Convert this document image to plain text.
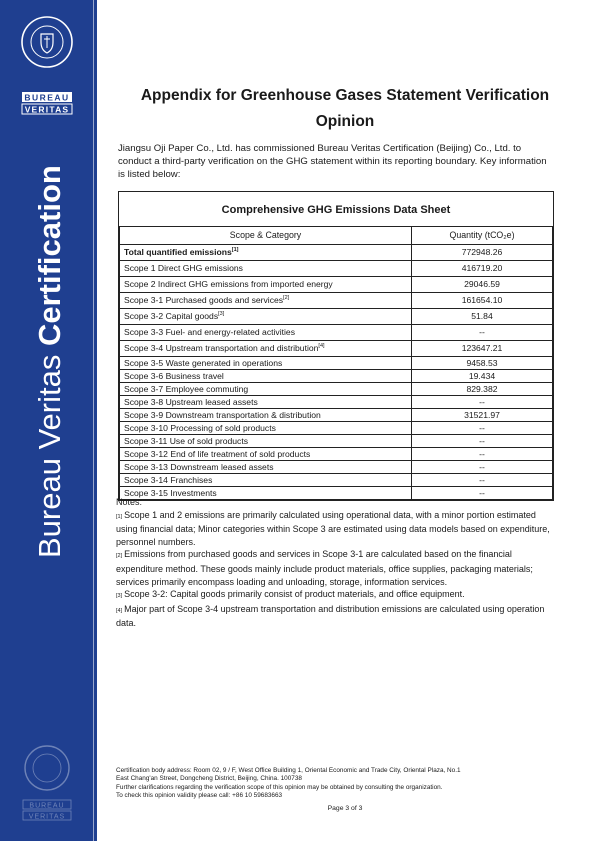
BUREAU
VERITAS
Bureau Veritas Certification
BUREAU
VERITAS
Appendix for Greenhouse Gases Statement Verification
Opinion
Jiangsu Oji Paper Co., Ltd. has commissioned Bureau Veritas Certification (Beijing) Co., Ltd. to conduct a third-party verification on the GHG statement within its reporting boundary. Key information is listed below:
Comprehensive GHG Emissions Data Sheet
Scope & Category	Quantity (tCO₂e)
Total quantified emissions[1]	772948.26
Scope 1 Direct GHG emissions	416719.20
Scope 2 Indirect GHG emissions from imported energy	29046.59
Scope 3-1 Purchased goods and services[2]	161654.10
Scope 3-2 Capital goods[3]	51.84
Scope 3-3 Fuel- and energy-related activities	--
Scope 3-4 Upstream transportation and distribution[4]	123647.21
Scope 3-5 Waste generated in operations	9458.53
Scope 3-6 Business travel	19.434
Scope 3-7 Employee commuting	829.382
Scope 3-8 Upstream leased assets	--
Scope 3-9 Downstream transportation & distribution	31521.97
Scope 3-10 Processing of sold products	--
Scope 3-11 Use of sold products	--
Scope 3-12 End of life treatment of sold products	--
Scope 3-13 Downstream leased assets	--
Scope 3-14 Franchises	--
Scope 3-15 Investments	--

Notes:

[1] Scope 1 and 2 emissions are primarily calculated using operational data, with a minor portion estimated using financial data; Minor categories within Scope 3 are estimated using data models based on expenditure, personnel numbers.

[2] Emissions from purchased goods and services in Scope 3-1 are calculated based on the financial expenditure method. These goods mainly include product materials, office supplies, packaging materials; services primarily encompass loading and unloading, storage, information services.

[3] Scope 3-2: Capital goods primarily consist of product materials, and office equipment.

[4] Major part of Scope 3-4 upstream transportation and distribution emissions are calculated using operation data.

Certification body address: Room 02, 9 / F, West Office Building 1, Oriental Economic and Trade City, Oriental Plaza, No.1

East Chang'an Street, Dongcheng District, Beijing, China. 100738

Further clarifications regarding the verification scope of this opinion may be obtained by consulting the organization.

To check this opinion validity please call: +86 10 59683663

Page 3 of 3
